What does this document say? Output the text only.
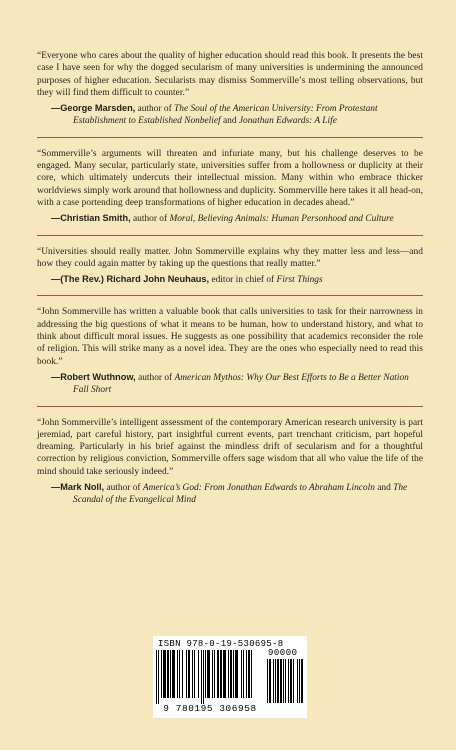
“Everyone who cares about the quality of higher education should read this book. It presents the best case I have seen for why the dogged secularism of many universities is undermining the announced purposes of higher education. Secularists may dismiss Sommerville’s most telling observations, but they will find them difficult to counter.”

—George Marsden, author of The Soul of the American University: From Protestant Establishment to Established Nonbelief and Jonathan Edwards: A Life

“Sommerville’s arguments will threaten and infuriate many, but his challenge deserves to be engaged. Many secular, particularly state, universities suffer from a hollowness or duplicity at their core, which ultimately undercuts their intellectual mission. Many within who embrace thicker worldviews simply work around that hollowness and duplicity. Sommerville here takes it all head-on, with a case portending deep transformations of higher education in decades ahead.”

—Christian Smith, author of Moral, Believing Animals: Human Personhood and Culture

“Universities should really matter. John Sommerville explains why they matter less and less—and how they could again matter by taking up the questions that really matter.”

—(The Rev.) Richard John Neuhaus, editor in chief of First Things

“John Sommerville has written a valuable book that calls universities to task for their narrowness in addressing the big questions of what it means to be human, how to understand history, and what to think about difficult moral issues. He suggests as one possibility that academics reconsider the role of religion. This will strike many as a novel idea. They are the ones who especially need to read this book.”

—Robert Wuthnow, author of American Mythos: Why Our Best Efforts to Be a Better Nation Fall Short

“John Sommerville’s intelligent assessment of the contemporary American research university is part jeremiad, part careful history, part insightful current events, part trenchant criticism, part hopeful dreaming. Particularly in his brief against the mindless drift of secularism and for a thoughtful correction by religious conviction, Sommerville offers sage wisdom that all who value the life of the mind should take seriously indeed.”

—Mark Noll, author of America’s God: From Jonathan Edwards to Abraham Lincoln and The Scandal of the Evangelical Mind

ISBN 978-0-19-530695-8
90000
9 780195 306958
